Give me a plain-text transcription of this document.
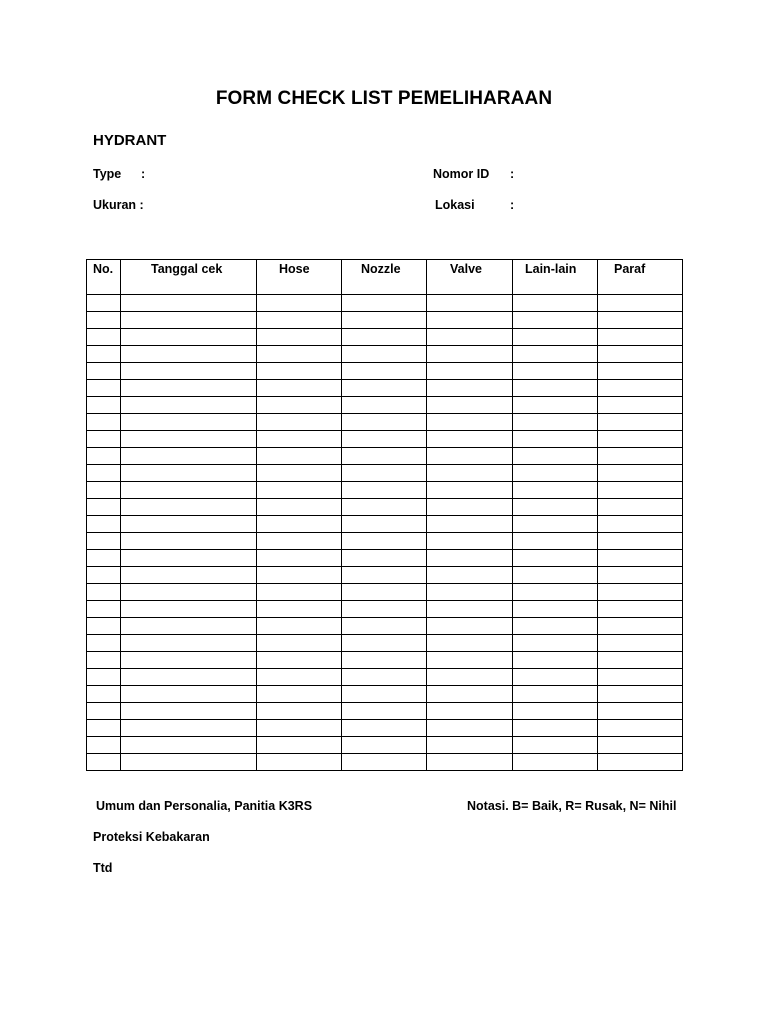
FORM CHECK LIST PEMELIHARAAN
HYDRANT
Type :
Ukuran :
Nomor ID :
Lokasi	:
No.	Tanggal cek	Hose	Nozzle	Valve	Lain-lain	Paraf

Umum dan Personalia, Panitia K3RS	Notasi. B= Baik, R= Rusak, N= Nihil
Proteksi Kebakaran
Ttd
